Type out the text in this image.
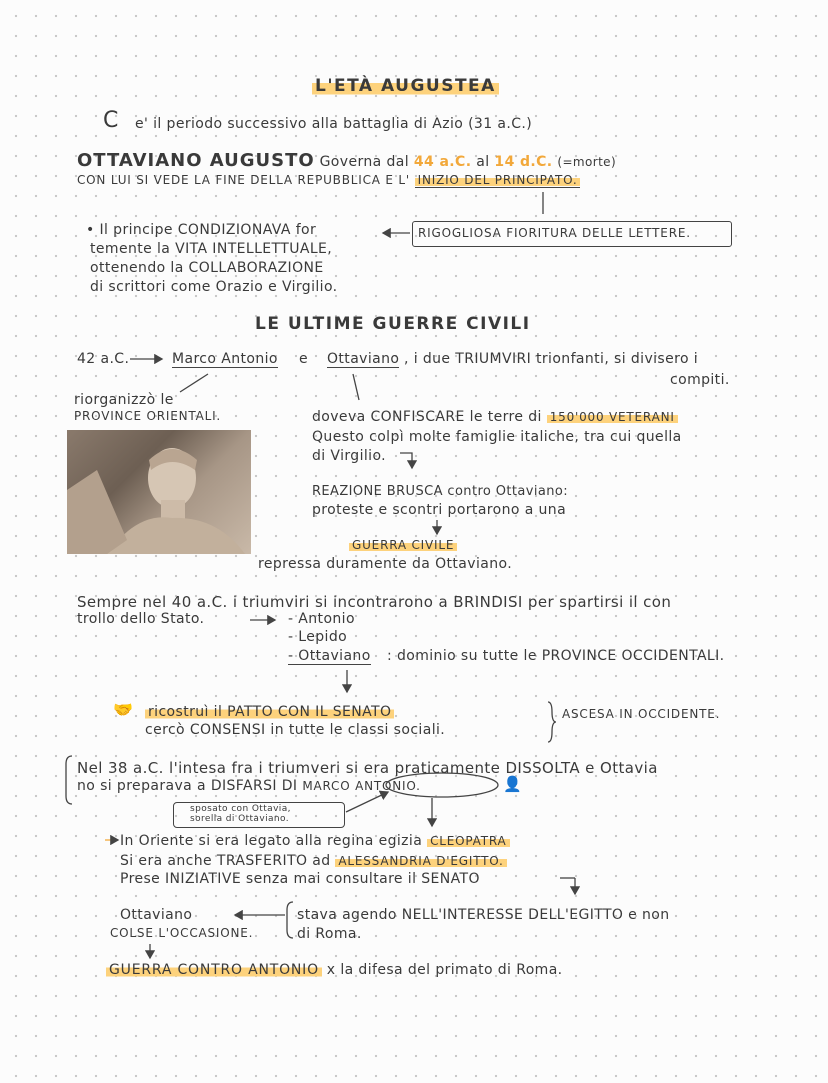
L'ETÀ AUGUSTEA
C e' il periodo successivo alla battaglia di Azio (31 a.C.)
OTTAVIANO AUGUSTO Governa dal 44 a.C. al 14 d.C. (=morte)
CON LUI SI VEDE LA FINE DELLA REPUBBLICA E L' INIZIO DEL PRINCIPATO.
• Il principe CONDIZIONAVA for
temente la VITA INTELLETTUALE,
ottenendo la COLLABORAZIONE
di scrittori come Orazio e Virgilio.
RIGOGLIOSA FIORITURA DELLE LETTERE.
LE ULTIME GUERRE CIVILI
42 a.C.	Marco Antonio e Ottaviano , i due TRIUMVIRI trionfanti, si divisero i
compiti.
riorganizzò le
PROVINCE ORIENTALI.	doveva CONFISCARE le terre di 150'000 VETERANI
Questo colpì molte famiglie italiche, tra cui quella
di Virgilio.
REAZIONE BRUSCA contro Ottaviano:
proteste e scontri portarono a una
GUERRA CIVILE
repressa duramente da Ottaviano.
Sempre nel 40 a.C. i triumviri si incontrarono a BRINDISI per spartirsi il con
trollo dello Stato.	- Antonio
- Lepido
- Ottaviano : dominio su tutte le PROVINCE OCCIDENTALI.
🤝 ricostruì il PATTO CON IL SENATO
cercò CONSENSI in tutte le classi sociali.
ASCESA IN OCCIDENTE.
Nel 38 a.C. l'intesa fra i triumveri si era praticamente DISSOLTA e Ottavia
no si preparava a DISFARSI DI MARCO ANTONIO.	👤
sposato con Ottavia,
sorella di Ottaviano.
In Oriente si era legato alla regina egizia CLEOPATRA
Si era anche TRASFERITO ad ALESSANDRIA D'EGITTO.
Prese INIZIATIVE senza mai consultare il SENATO
Ottaviano
COLSE L'OCCASIONE.
stava agendo NELL'INTERESSE DELL'EGITTO e non
di Roma.
GUERRA CONTRO ANTONIO x la difesa del primato di Roma.
